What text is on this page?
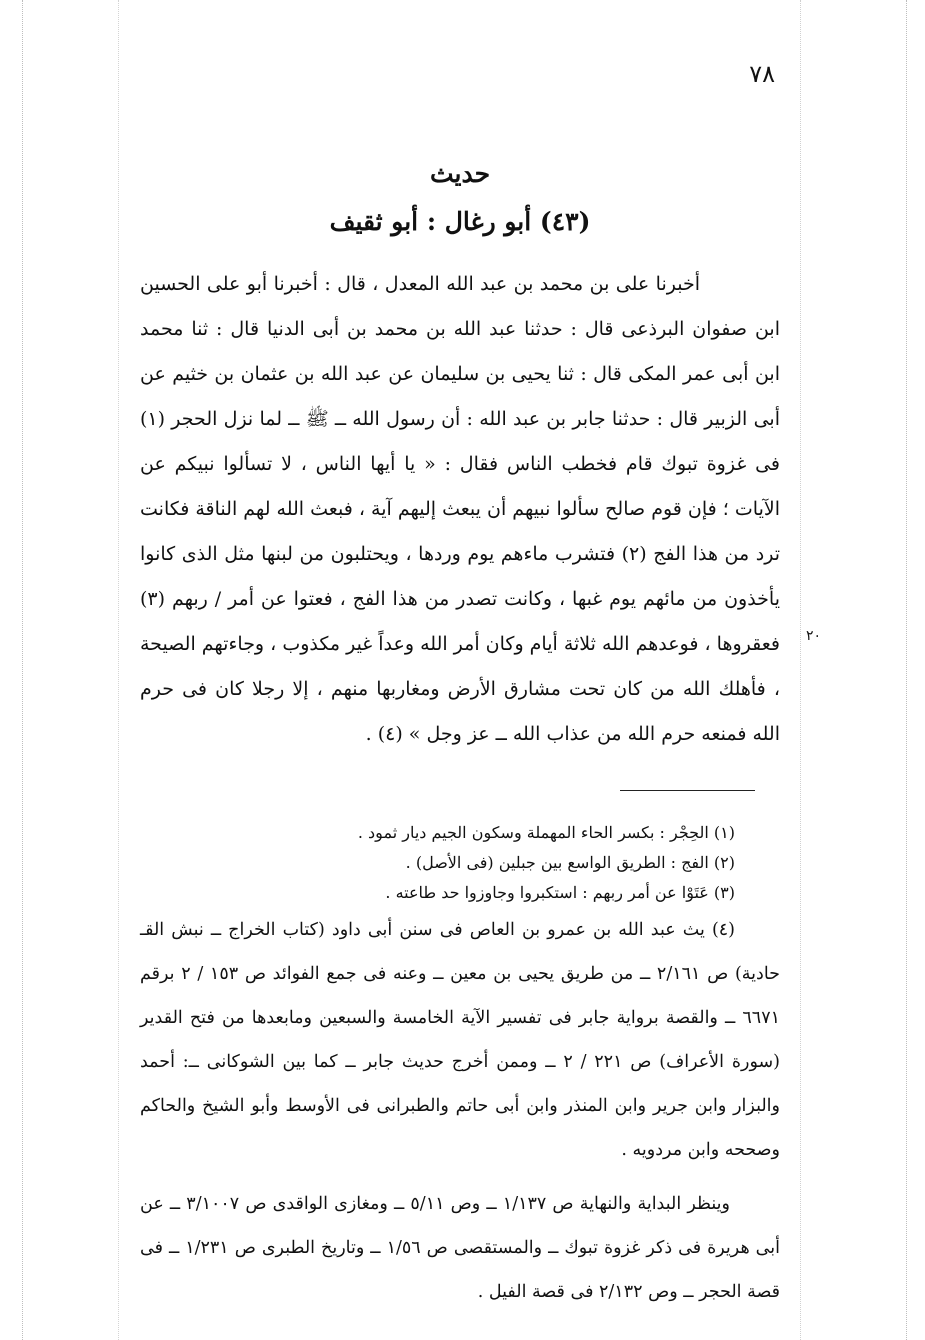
٧٨
حديث
(٤٣) أبو رغال : أبو ثقيف

أخبرنا على بن محمد بن عبد الله المعدل ، قال : أخبرنا أبو على الحسين ابن صفوان البرذعى قال : حدثنا عبد الله بن محمد بن أبى الدنيا قال : ثنا محمد ابن أبى عمر المكى قال : ثنا يحيى بن سليمان عن عبد الله بن عثمان بن خثيم عن أبى الزبير قال : حدثنا جابر بن عبد الله : أن رسول الله ــ ﷺ ــ لما نزل الحجر (١) فى غزوة تبوك قام فخطب الناس فقال : « يا أيها الناس ، لا تسألوا نبيكم عن الآيات ؛ فإن قوم صالح سألوا نبيهم أن يبعث إليهم آية ، فبعث الله لهم الناقة فكانت ترد من هذا الفج (٢) فتشرب ماءهم يوم وردها ، ويحتلبون من لبنها مثل الذى كانوا يأخذون من مائهم يوم غبها ، وكانت تصدر من هذا الفج ، فعتوا عن أمر / ربهم (٣) فعقروها ، فوعدهم الله ثلاثة أيام وكان أمر الله وعداً غير مكذوب ، وجاءتهم الصيحة ، فأهلك الله من كان تحت مشارق الأرض ومغاربها منهم ، إلا رجلا كان فى حرم الله فمنعه حرم الله من عذاب الله ــ عز وجل » (٤) .

٢٠
(١) الحِجْر : بكسر الحاء المهملة وسكون الجيم ديار ثمود .
(٢) الفج : الطريق الواسع بين جبلين (فى الأصل) .
(٣) عَتَوْا عن أمر ربهم : استكبروا وجاوزوا حد طاعته .
(٤) يث عبد الله بن عمرو بن العاص فى سنن أبى داود (كتاب الخراج ــ نبش القـ حادية) ص ٢/١٦١ ــ من طريق يحيى بن معين ــ وعنه فى جمع الفوائد ص ١٥٣ / ٢ برقم ٦٦٧١ ــ والقصة برواية جابر فى تفسير الآية الخامسة والسبعين ومابعدها من فتح القدير (سورة الأعراف) ص ٢٢١ / ٢ ــ وممن أخرج حديث جابر ــ كما بين الشوكانى ــ: أحمد والبزار وابن جرير وابن المنذر وابن أبى حاتم والطبرانى فى الأوسط وأبو الشيخ والحاكم وصححه وابن مردويه .
وينظر البداية والنهاية ص ١/١٣٧ ــ وص ٥/١١ ــ ومغازى الواقدى ص ٣/١٠٠٧ ــ عن أبى هريرة فى ذكر غزوة تبوك ــ والمستقصى ص ١/٥٦ ــ وتاريخ الطبرى ص ١/٢٣١ ــ فى قصة الحجر ــ وص ٢/١٣٢ فى قصة الفيل .
